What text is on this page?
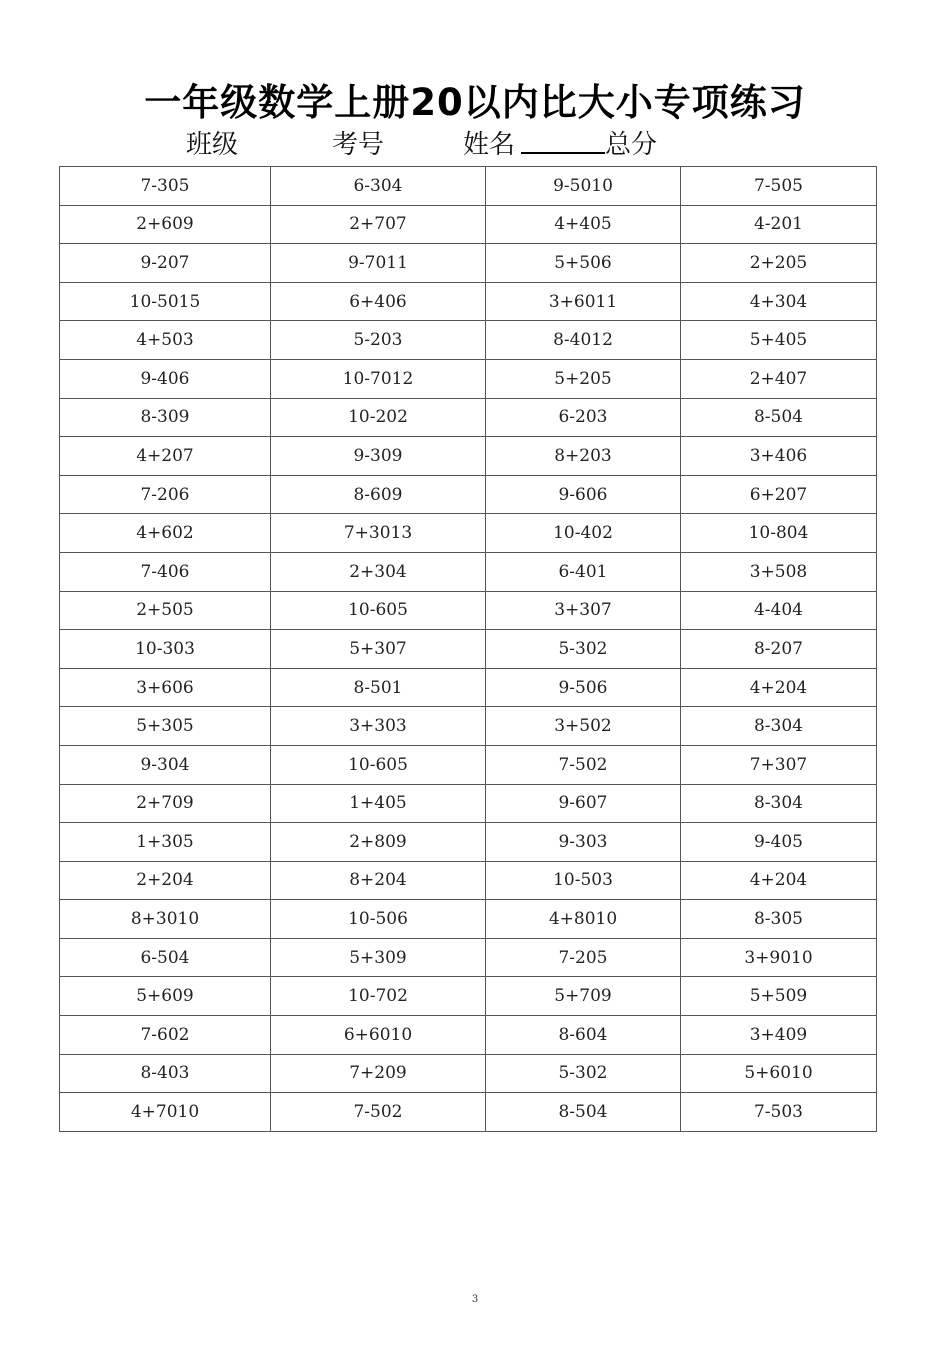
一年级数学上册20以内比大小专项练习
班级	考号	姓名	总分
7-305	6-304	9-5010	7-505
2+609	2+707	4+405	4-201
9-207	9-7011	5+506	2+205
10-5015	6+406	3+6011	4+304
4+503	5-203	8-4012	5+405
9-406	10-7012	5+205	2+407
8-309	10-202	6-203	8-504
4+207	9-309	8+203	3+406
7-206	8-609	9-606	6+207
4+602	7+3013	10-402	10-804
7-406	2+304	6-401	3+508
2+505	10-605	3+307	4-404
10-303	5+307	5-302	8-207
3+606	8-501	9-506	4+204
5+305	3+303	3+502	8-304
9-304	10-605	7-502	7+307
2+709	1+405	9-607	8-304
1+305	2+809	9-303	9-405
2+204	8+204	10-503	4+204
8+3010	10-506	4+8010	8-305
6-504	5+309	7-205	3+9010
5+609	10-702	5+709	5+509
7-602	6+6010	8-604	3+409
8-403	7+209	5-302	5+6010
4+7010	7-502	8-504	7-503
3
